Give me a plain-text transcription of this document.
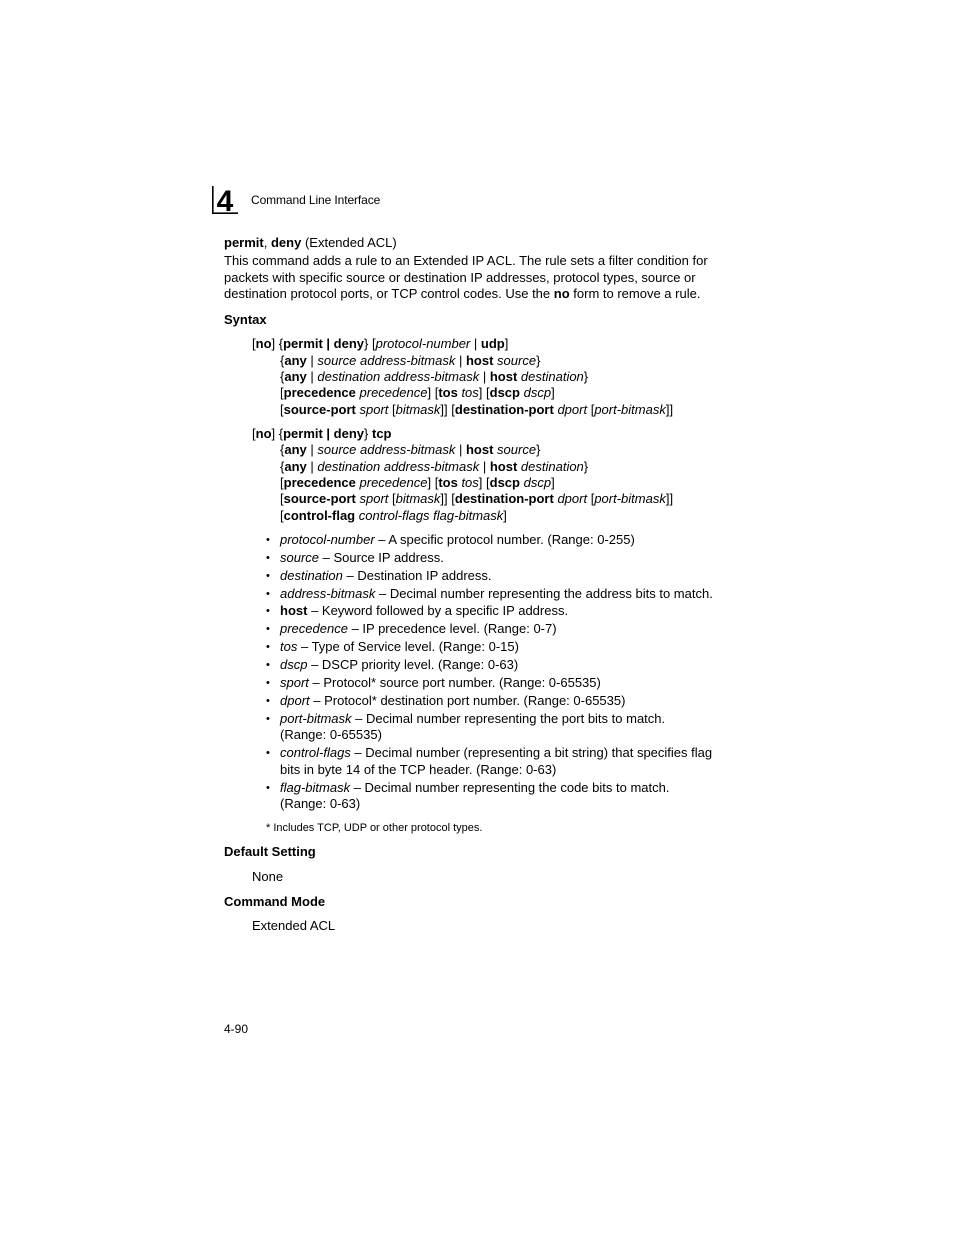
4 Command Line Interface
permit, deny (Extended ACL)
This command adds a rule to an Extended IP ACL. The rule sets a filter condition for
packets with specific source or destination IP addresses, protocol types, source or
destination protocol ports, or TCP control codes. Use the no form to remove a rule.
Syntax
[no] {permit | deny} [protocol-number | udp]
{any | source address-bitmask | host source}
{any | destination address-bitmask | host destination}
[precedence precedence] [tos tos] [dscp dscp]
[source-port sport [bitmask]] [destination-port dport [port-bitmask]]
[no] {permit | deny} tcp
{any | source address-bitmask | host source}
{any | destination address-bitmask | host destination}
[precedence precedence] [tos tos] [dscp dscp]
[source-port sport [bitmask]] [destination-port dport [port-bitmask]]
[control-flag control-flags flag-bitmask]
• protocol-number – A specific protocol number. (Range: 0-255)
• source – Source IP address.
• destination – Destination IP address.
• address-bitmask – Decimal number representing the address bits to match.
• host – Keyword followed by a specific IP address.
• precedence – IP precedence level. (Range: 0-7)
• tos – Type of Service level. (Range: 0-15)
• dscp – DSCP priority level. (Range: 0-63)
• sport – Protocol* source port number. (Range: 0-65535)
• dport – Protocol* destination port number. (Range: 0-65535)
• port-bitmask – Decimal number representing the port bits to match.
(Range: 0-65535)
• control-flags – Decimal number (representing a bit string) that specifies flag
bits in byte 14 of the TCP header. (Range: 0-63)
• flag-bitmask – Decimal number representing the code bits to match.
(Range: 0-63)
* Includes TCP, UDP or other protocol types.
Default Setting
None
Command Mode
Extended ACL
4-90
